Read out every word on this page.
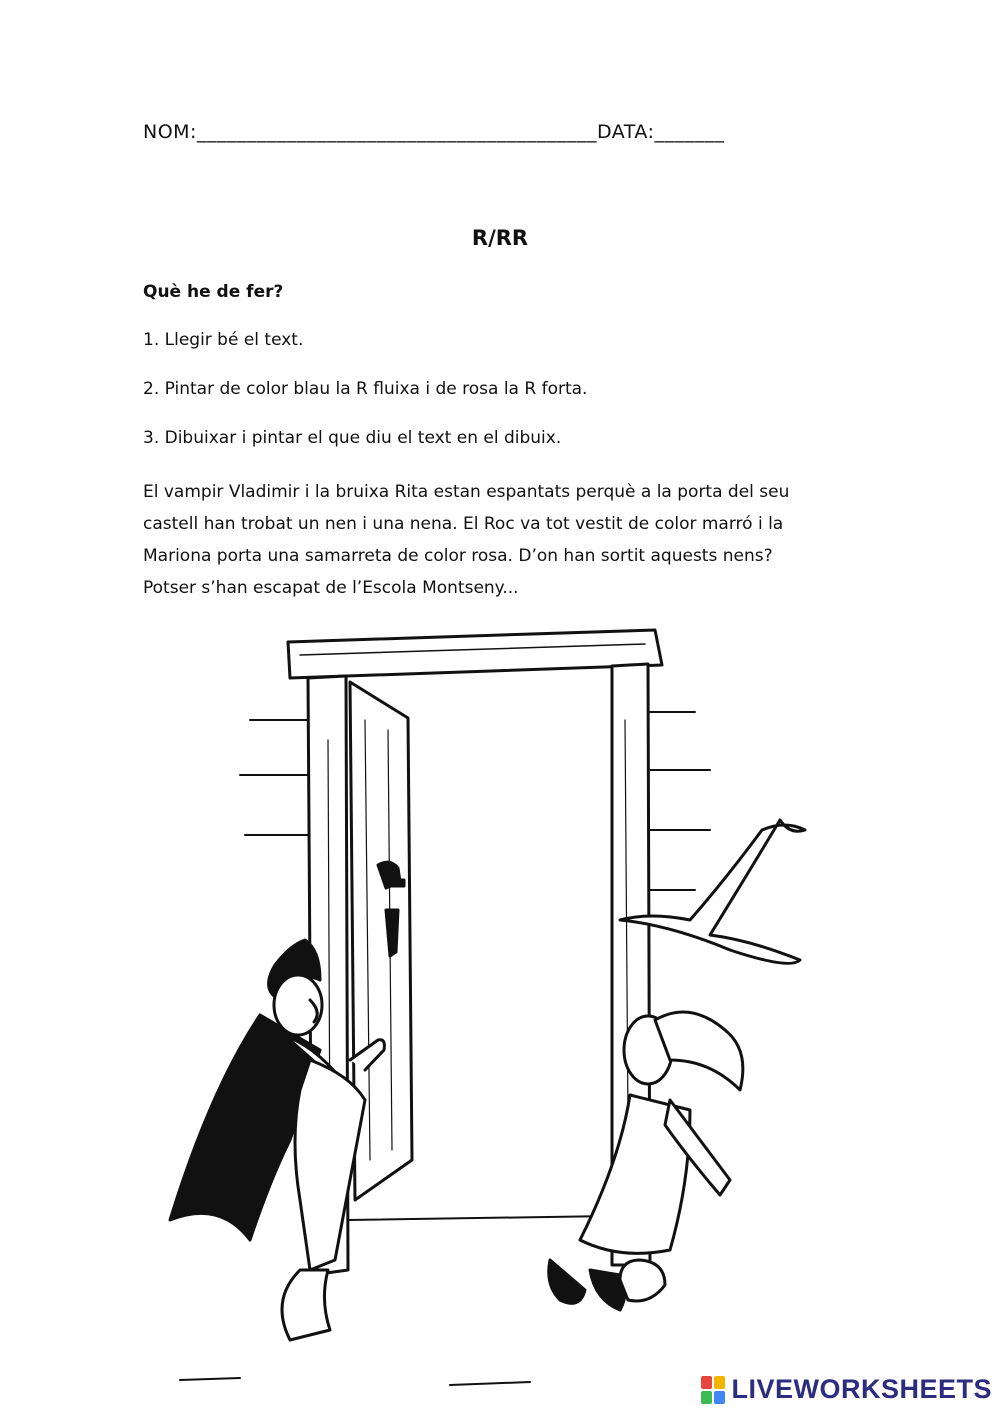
NOM:________________________________________DATA:_______
R/RR
Què he de fer?
1. Llegir bé el text.
2. Pintar de color blau la R fluixa i de rosa la R forta.
3. Dibuixar i pintar el que diu el text en el dibuix.
El vampir Vladimir i la bruixa Rita estan espantats perquè a la porta del seu
castell han trobat un nen i una nena. El Roc va tot vestit de color marró i la
Mariona porta una samarreta de color rosa. D’on han sortit aquests nens?
Potser s’han escapat de l’Escola Montseny...
LIVEWORKSHEETS
